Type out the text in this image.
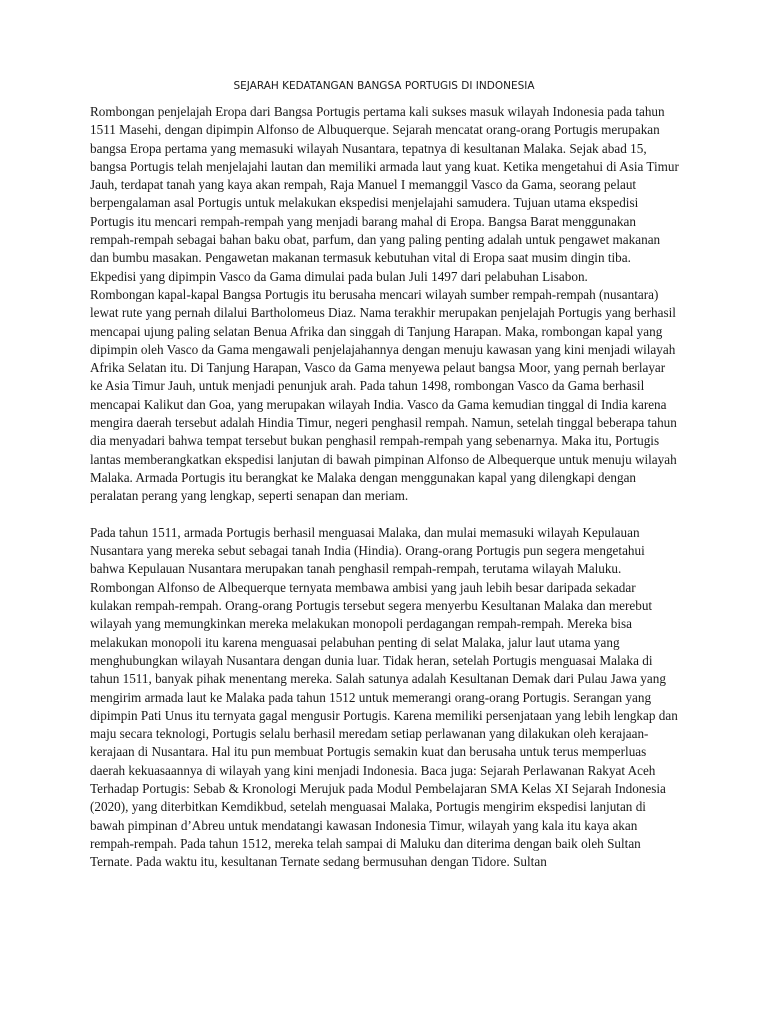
SEJARAH KEDATANGAN BANGSA PORTUGIS DI INDONESIA

Rombongan penjelajah Eropa dari Bangsa Portugis pertama kali sukses masuk wilayah Indonesia pada tahun 1511 Masehi, dengan dipimpin Alfonso de Albuquerque. Sejarah mencatat orang-orang Portugis merupakan bangsa Eropa pertama yang memasuki wilayah Nusantara, tepatnya di kesultanan Malaka. Sejak abad 15, bangsa Portugis telah menjelajahi lautan dan memiliki armada laut yang kuat. Ketika mengetahui di Asia Timur Jauh, terdapat tanah yang kaya akan rempah, Raja Manuel I memanggil Vasco da Gama, seorang pelaut berpengalaman asal Portugis untuk melakukan ekspedisi menjelajahi samudera. Tujuan utama ekspedisi Portugis itu mencari rempah-rempah yang menjadi barang mahal di Eropa. Bangsa Barat menggunakan rempah-rempah sebagai bahan baku obat, parfum, dan yang paling penting adalah untuk pengawet makanan dan bumbu masakan. Pengawetan makanan termasuk kebutuhan vital di Eropa saat musim dingin tiba. Ekpedisi yang dipimpin Vasco da Gama dimulai pada bulan Juli 1497 dari pelabuhan Lisabon.

Rombongan kapal-kapal Bangsa Portugis itu berusaha mencari wilayah sumber rempah-rempah (nusantara) lewat rute yang pernah dilalui Bartholomeus Diaz. Nama terakhir merupakan penjelajah Portugis yang berhasil mencapai ujung paling selatan Benua Afrika dan singgah di Tanjung Harapan. Maka, rombongan kapal yang dipimpin oleh Vasco da Gama mengawali penjelajahannya dengan menuju kawasan yang kini menjadi wilayah Afrika Selatan itu. Di Tanjung Harapan, Vasco da Gama menyewa pelaut bangsa Moor, yang pernah berlayar ke Asia Timur Jauh, untuk menjadi penunjuk arah. Pada tahun 1498, rombongan Vasco da Gama berhasil mencapai Kalikut dan Goa, yang merupakan wilayah India. Vasco da Gama kemudian tinggal di India karena mengira daerah tersebut adalah Hindia Timur, negeri penghasil rempah. Namun, setelah tinggal beberapa tahun dia menyadari bahwa tempat tersebut bukan penghasil rempah-rempah yang sebenarnya. Maka itu, Portugis lantas memberangkatkan ekspedisi lanjutan di bawah pimpinan Alfonso de Albequerque untuk menuju wilayah Malaka. Armada Portugis itu berangkat ke Malaka dengan menggunakan kapal yang dilengkapi dengan peralatan perang yang lengkap, seperti senapan dan meriam.

Pada tahun 1511, armada Portugis berhasil menguasai Malaka, dan mulai memasuki wilayah Kepulauan Nusantara yang mereka sebut sebagai tanah India (Hindia). Orang-orang Portugis pun segera mengetahui bahwa Kepulauan Nusantara merupakan tanah penghasil rempah-rempah, terutama wilayah Maluku. Rombongan Alfonso de Albequerque ternyata membawa ambisi yang jauh lebih besar daripada sekadar kulakan rempah-rempah. Orang-orang Portugis tersebut segera menyerbu Kesultanan Malaka dan merebut wilayah yang memungkinkan mereka melakukan monopoli perdagangan rempah-rempah. Mereka bisa melakukan monopoli itu karena menguasai pelabuhan penting di selat Malaka, jalur laut utama yang menghubungkan wilayah Nusantara dengan dunia luar. Tidak heran, setelah Portugis menguasai Malaka di tahun 1511, banyak pihak menentang mereka. Salah satunya adalah Kesultanan Demak dari Pulau Jawa yang mengirim armada laut ke Malaka pada tahun 1512 untuk memerangi orang-orang Portugis. Serangan yang dipimpin Pati Unus itu ternyata gagal mengusir Portugis. Karena memiliki persenjataan yang lebih lengkap dan maju secara teknologi, Portugis selalu berhasil meredam setiap perlawanan yang dilakukan oleh kerajaan-kerajaan di Nusantara. Hal itu pun membuat Portugis semakin kuat dan berusaha untuk terus memperluas daerah kekuasaannya di wilayah yang kini menjadi Indonesia. Baca juga: Sejarah Perlawanan Rakyat Aceh Terhadap Portugis: Sebab & Kronologi Merujuk pada Modul Pembelajaran SMA Kelas XI Sejarah Indonesia (2020), yang diterbitkan Kemdikbud, setelah menguasai Malaka, Portugis mengirim ekspedisi lanjutan di bawah pimpinan d’Abreu untuk mendatangi kawasan Indonesia Timur, wilayah yang kala itu kaya akan rempah-rempah. Pada tahun 1512, mereka telah sampai di Maluku dan diterima dengan baik oleh Sultan Ternate. Pada waktu itu, kesultanan Ternate sedang bermusuhan dengan Tidore. Sultan
